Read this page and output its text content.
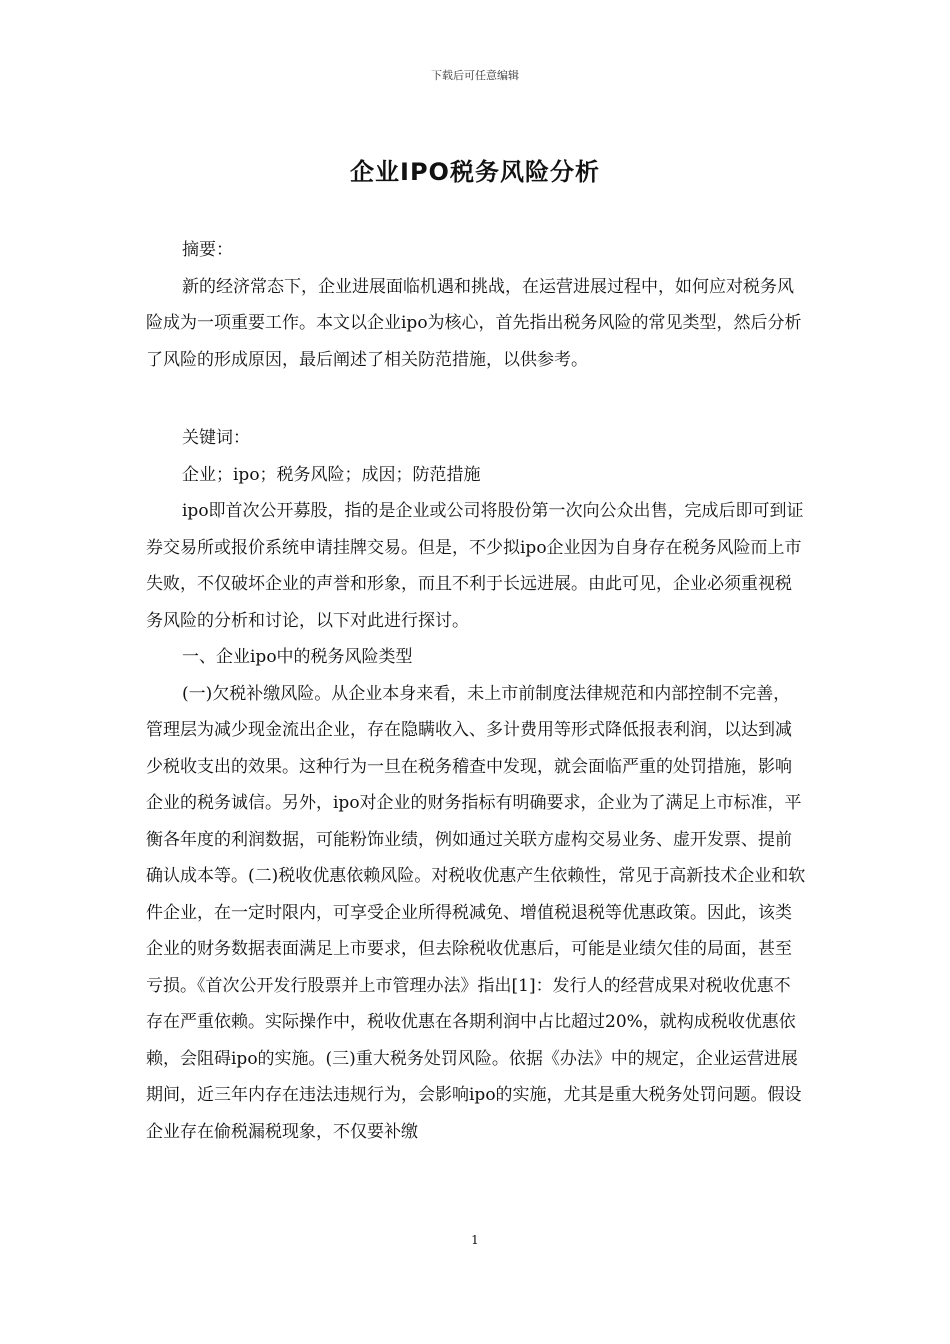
下载后可任意编辑
企业IPO税务风险分析

摘要：

新的经济常态下，企业进展面临机遇和挑战，在运营进展过程中，如何应对税务风险成为一项重要工作。本文以企业ipo为核心，首先指出税务风险的常见类型，然后分析了风险的形成原因，最后阐述了相关防范措施，以供参考。

关键词：

企业；ipo；税务风险；成因；防范措施

ipo即首次公开募股，指的是企业或公司将股份第一次向公众出售，完成后即可到证券交易所或报价系统申请挂牌交易。但是，不少拟ipo企业因为自身存在税务风险而上市失败，不仅破坏企业的声誉和形象，而且不利于长远进展。由此可见，企业必须重视税务风险的分析和讨论，以下对此进行探讨。

一、企业ipo中的税务风险类型

(一)欠税补缴风险。从企业本身来看，未上市前制度法律规范和内部控制不完善，管理层为减少现金流出企业，存在隐瞒收入、多计费用等形式降低报表利润，以达到减少税收支出的效果。这种行为一旦在税务稽查中发现，就会面临严重的处罚措施，影响企业的税务诚信。另外，ipo对企业的财务指标有明确要求，企业为了满足上市标准，平衡各年度的利润数据，可能粉饰业绩，例如通过关联方虚构交易业务、虚开发票、提前确认成本等。(二)税收优惠依赖风险。对税收优惠产生依赖性，常见于高新技术企业和软件企业，在一定时限内，可享受企业所得税减免、增值税退税等优惠政策。因此，该类企业的财务数据表面满足上市要求，但去除税收优惠后，可能是业绩欠佳的局面，甚至亏损。《首次公开发行股票并上市管理办法》指出[1]：发行人的经营成果对税收优惠不存在严重依赖。实际操作中，税收优惠在各期利润中占比超过20%，就构成税收优惠依赖，会阻碍ipo的实施。(三)重大税务处罚风险。依据《办法》中的规定，企业运营进展期间，近三年内存在违法违规行为，会影响ipo的实施，尤其是重大税务处罚问题。假设企业存在偷税漏税现象，不仅要补缴

1
